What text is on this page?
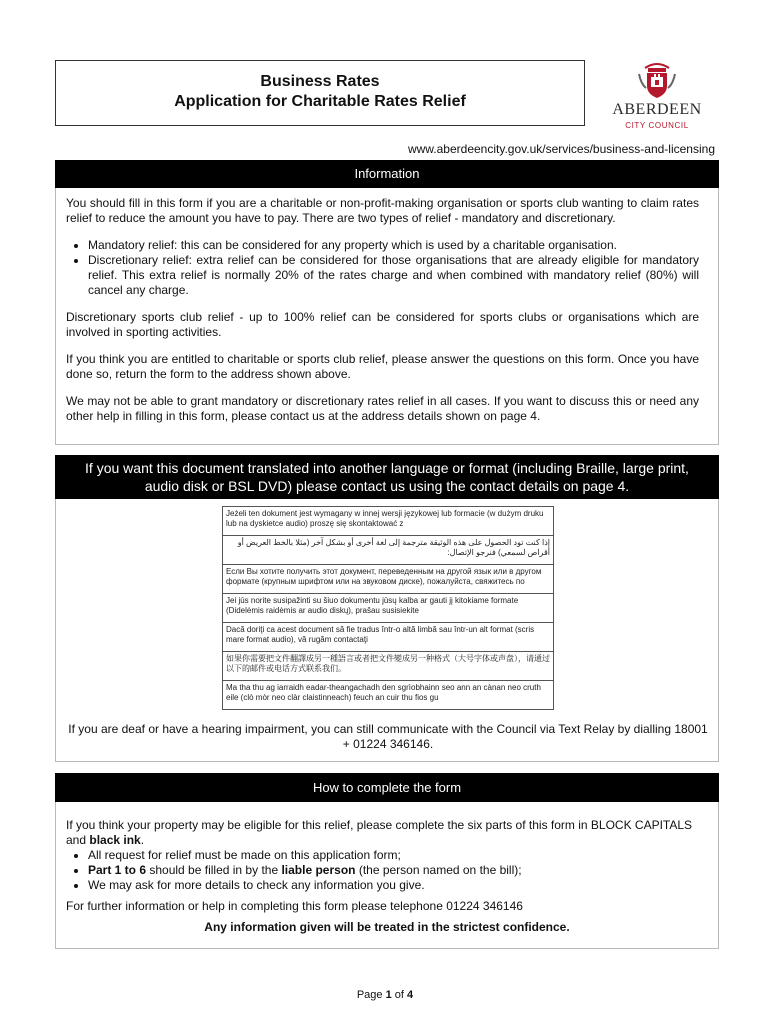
Business Rates
Application for Charitable Rates Relief	ABERDEEN
CITY COUNCIL
www.aberdeencity.gov.uk/services/business-and-licensing
Information

You should fill in this form if you are a charitable or non-profit-making organisation or sports club wanting to claim rates relief to reduce the amount you have to pay. There are two types of relief - mandatory and discretionary.

• Mandatory relief: this can be considered for any property which is used by a charitable organisation.
• Discretionary relief: extra relief can be considered for those organisations that are already eligible for mandatory relief. This extra relief is normally 20% of the rates charge and when combined with mandatory relief (80%) will cancel any charge.

Discretionary sports club relief - up to 100% relief can be considered for sports clubs or organisations which are involved in sporting activities.

If you think you are entitled to charitable or sports club relief, please answer the questions on this form. Once you have done so, return the form to the address shown above.

We may not be able to grant mandatory or discretionary rates relief in all cases. If you want to discuss this or need any other help in filling in this form, please contact us at the address details shown on page 4.

If you want this document translated into another language or format (including Braille, large print, audio disk or BSL DVD) please contact us using the contact details on page 4.
Jeżeli ten dokument jest wymagany w innej wersji językowej lub formacie (w dużym druku lub na dyskietce audio) proszę się skontaktować z
إذا كنت تود الحصول على هذه الوثيقة مترجمة إلى لغة أخرى أو بشكل آخر (مثلا بالخط العريض أو أقراص لسمعي) فنرجو الإتصال:
Если Вы хотите получить этот документ, переведенным на другой язык или в другом формате (крупным шрифтом или на звуковом диске), пожалуйста, свяжитесь по
Jei jūs norite susipažinti su šiuo dokumentu jūsų kalba ar gauti jį kitokiame formate (Didelėmis raidėmis ar audio diskų), prašau susisiekite
Dacă doriţi ca acest document să fie tradus într-o altă limbă sau într-un alt format (scris mare format audio), vă rugăm contactaţi
如果你需要把文件翻譯成另一種語言或者把文件變成另一种格式（大号字体或声盘），请通过以下的邮件或电话方式联系我们。
Ma tha thu ag iarraidh eadar-theangachadh den sgrìobhainn seo ann an cànan neo cruth eile (clò mòr neo clàr claistinneach) feuch an cuir thu fios gu
If you are deaf or have a hearing impairment, you can still communicate with the Council via Text Relay by dialling 18001 + 01224 346146.
How to complete the form

If you think your property may be eligible for this relief, please complete the six parts of this form in BLOCK CAPITALS and black ink.

• All request for relief must be made on this application form;
• Part 1 to 6 should be filled in by the liable person (the person named on the bill);
• We may ask for more details to check any information you give.

For further information or help in completing this form please telephone 01224 346146

Any information given will be treated in the strictest confidence.

Page 1 of 4
